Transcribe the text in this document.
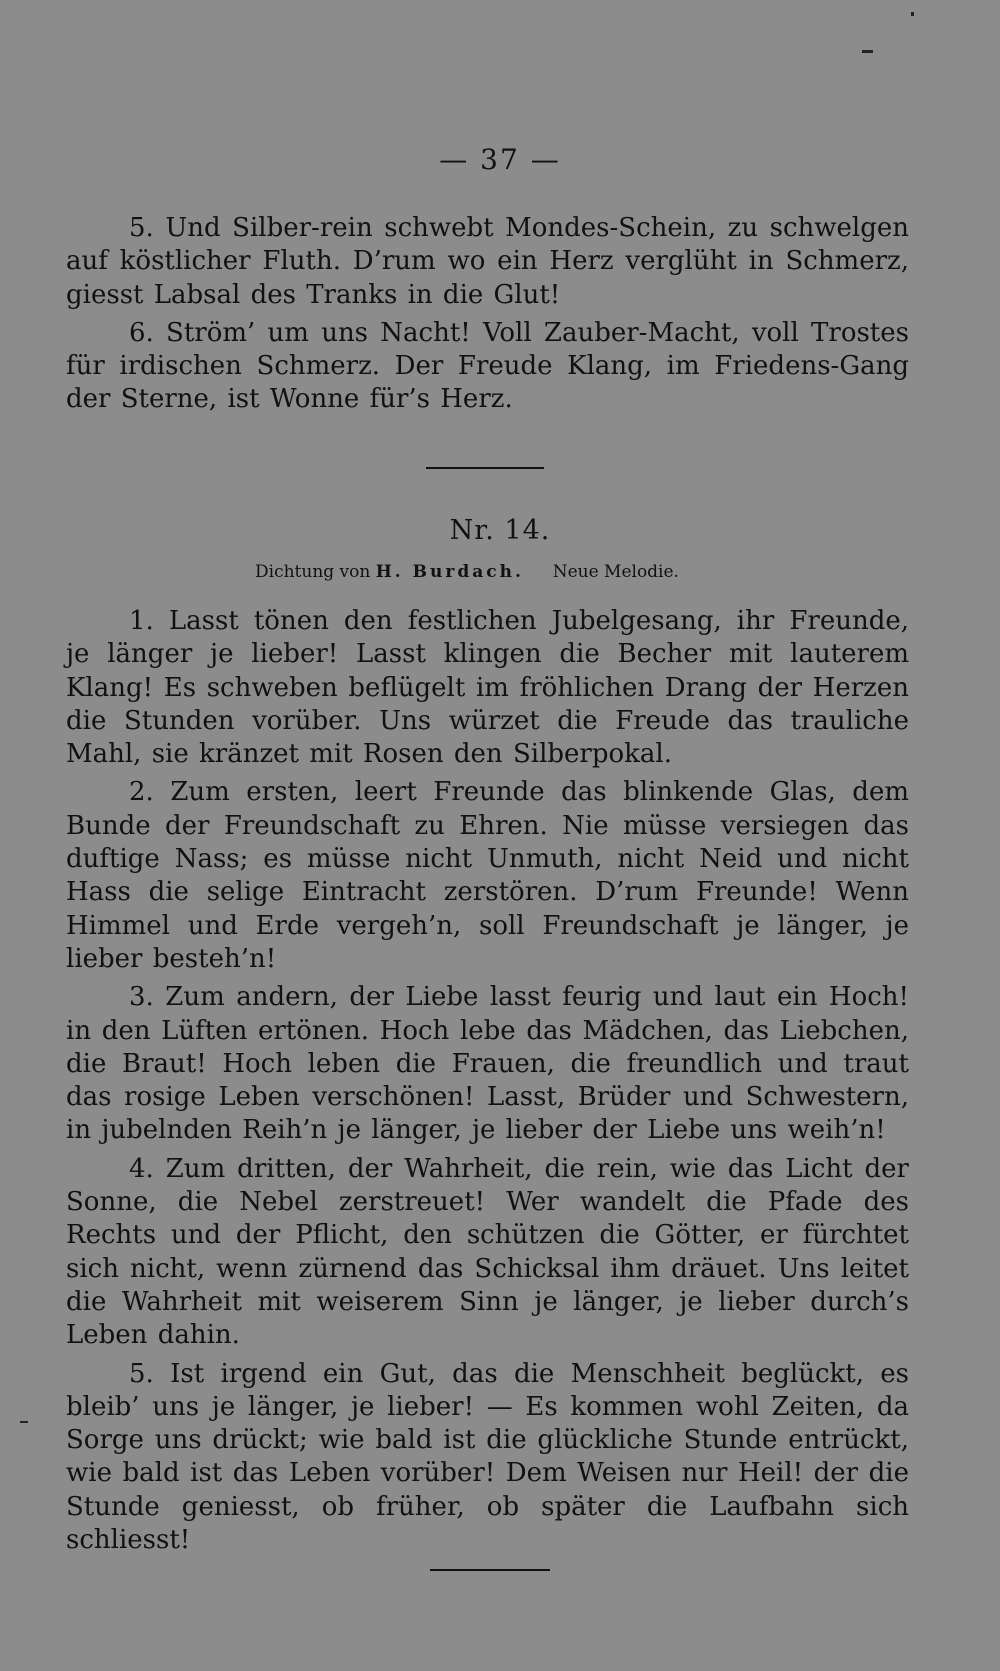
— 37 —

5. Und Silber-rein schwebt Mondes-Schein, zu schwelgen auf köstlicher Fluth. D’rum wo ein Herz verglüht in Schmerz, giesst Labsal des Tranks in die Glut!

6. Ström’ um uns Nacht! Voll Zauber-Macht, voll Trostes für irdischen Schmerz. Der Freude Klang, im Friedens-Gang der Sterne, ist Wonne für’s Herz.

Nr. 14.
Dichtung von H. Burdach. Neue Melodie.

1. Lasst tönen den festlichen Jubelgesang, ihr Freunde, je länger je lieber! Lasst klingen die Becher mit lauterem Klang! Es schweben beflügelt im fröhlichen Drang der Herzen die Stunden vorüber. Uns würzet die Freude das trauliche Mahl, sie kränzet mit Rosen den Silberpokal.

2. Zum ersten, leert Freunde das blinkende Glas, dem Bunde der Freundschaft zu Ehren. Nie müsse versiegen das duftige Nass; es müsse nicht Unmuth, nicht Neid und nicht Hass die selige Eintracht zerstören. D’rum Freunde! Wenn Himmel und Erde vergeh’n, soll Freundschaft je länger, je lieber besteh’n!

3. Zum andern, der Liebe lasst feurig und laut ein Hoch! in den Lüften ertönen. Hoch lebe das Mädchen, das Liebchen, die Braut! Hoch leben die Frauen, die freundlich und traut das rosige Leben verschönen! Lasst, Brüder und Schwestern, in jubelnden Reih’n je länger, je lieber der Liebe uns weih’n!

4. Zum dritten, der Wahrheit, die rein, wie das Licht der Sonne, die Nebel zerstreuet! Wer wandelt die Pfade des Rechts und der Pflicht, den schützen die Götter, er fürchtet sich nicht, wenn zürnend das Schicksal ihm dräuet. Uns leitet die Wahrheit mit weiserem Sinn je länger, je lieber durch’s Leben dahin.

5. Ist irgend ein Gut, das die Menschheit beglückt, es bleib’ uns je länger, je lieber! — Es kommen wohl Zeiten, da Sorge uns drückt; wie bald ist die glückliche Stunde entrückt, wie bald ist das Leben vorüber! Dem Weisen nur Heil! der die Stunde geniesst, ob früher, ob später die Laufbahn sich schliesst!
